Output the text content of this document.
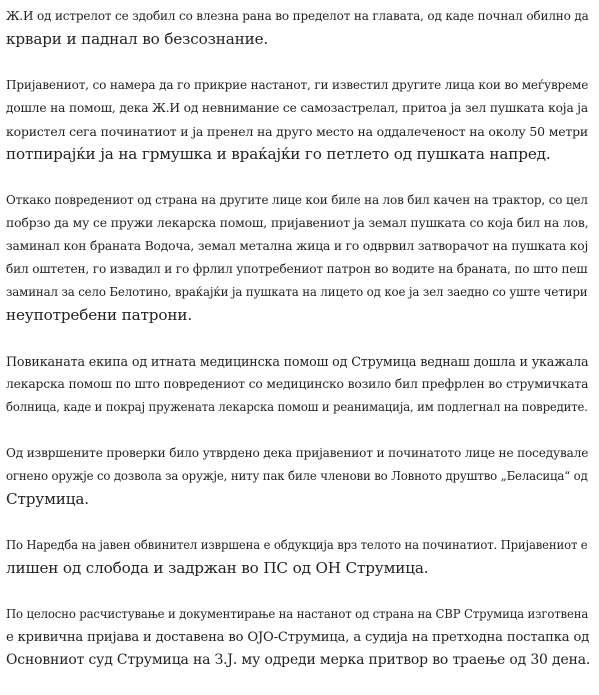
Ж.И од истрелот се здобил со влезна рана во пределот на главата, од каде почнал обилно да
крвари и паднал во безсознание.

Пријавениот, со намера да го прикрие настанот, ги известил другите лица кои во меѓувреме
дошле на помош, дека Ж.И од невнимание се самозастрелал, притоа ја зел пушката која ја
користел сега починатиот и ја пренел на друго место на оддалеченост на околу 50 метри
потпирајќи ја на грмушка и враќајќи го петлето од пушката напред.

Откако повредениот од страна на другите лице кои биле на лов бил качен на трактор, со цел
побрзо да му се пружи лекарска помош, пријавениот ја земал пушката со која бил на лов,
заминал кон браната Водоча, земал метална жица и го одврвил затворачот на пушката кој
бил оштетен, го извадил и го фрлил употребениот патрон во водите на браната, по што пеш
заминал за село Белотино, враќајќи ја пушката на лицето од кое ја зел заедно со уште четири
неупотребени патрони.

Повиканата екипа од итната медицинска помош од Струмица веднаш дошла и укажала
лекарска помош по што повредениот со медицинско возило бил префрлен во струмичката
болница, каде и покрај пружената лекарска помош и реанимација, им подлегнал на повредите.

Од извршените проверки било утврдено дека пријавениот и починатото лице не поседувале
огнено оружје со дозвола за оружје, ниту пак биле членови во Ловното друштво „Беласица“ од
Струмица.

По Наредба на јавен обвинител извршена е обдукција врз телото на починатиот. Пријавениот е
лишен од слобода и задржан во ПС од ОН Струмица.

По целосно расчистување и документирање на настанот од страна на СВР Струмица изготвена
е кривична пријава и доставена во ОЈО-Струмица, а судија на претходна постапка од
Основниот суд Струмица на З.Ј. му одреди мерка притвор во траење од 30 дена.
